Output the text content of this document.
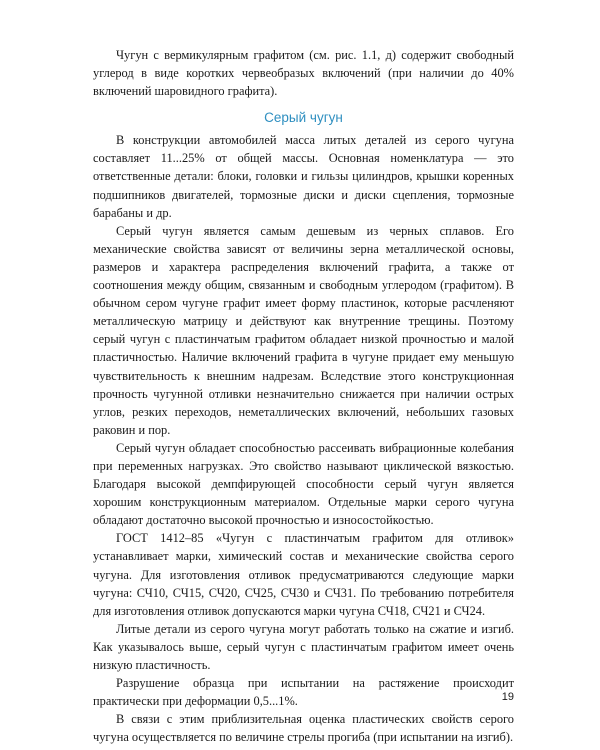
Чугун с вермикулярным графитом (см. рис. 1.1, д) содержит свободный углерод в виде коротких червеобразых включений (при наличии до 40% включений шаровидного графита).

Серый чугун

В конструкции автомобилей масса литых деталей из серого чугуна составляет 11...25% от общей массы. Основная номенклатура — это ответственные детали: блоки, головки и гильзы цилиндров, крышки коренных подшипников двигателей, тормозные диски и диски сцепления, тормозные барабаны и др.

Серый чугун является самым дешевым из черных сплавов. Его механические свойства зависят от величины зерна металлической основы, размеров и характера распределения включений графита, а также от соотношения между общим, связанным и свободным углеродом (графитом). В обычном сером чугуне графит имеет форму пластинок, которые расчленяют металлическую матрицу и действуют как внутренние трещины. Поэтому серый чугун с пластинчатым графитом обладает низкой прочностью и малой пластичностью. Наличие включений графита в чугуне придает ему меньшую чувствительность к внешним надрезам. Вследствие этого конструкционная прочность чугунной отливки незначительно снижается при наличии острых углов, резких переходов, неметаллических включений, небольших газовых раковин и пор.

Серый чугун обладает способностью рассеивать вибрационные колебания при переменных нагрузках. Это свойство называют циклической вязкостью. Благодаря высокой демпфирующей способности серый чугун является хорошим конструкционным материалом. Отдельные марки серого чугуна обладают достаточно высокой прочностью и износостойкостью.

ГОСТ 1412–85 «Чугун с пластинчатым графитом для отливок» устанавливает марки, химический состав и механические свойства серого чугуна. Для изготовления отливок предусматриваются следующие марки чугуна: СЧ10, СЧ15, СЧ20, СЧ25, СЧ30 и СЧ31. По требованию потребителя для изготовления отливок допускаются марки чугуна СЧ18, СЧ21 и СЧ24.

Литые детали из серого чугуна могут работать только на сжатие и изгиб. Как указывалось выше, серый чугун с пластинчатым графитом имеет очень низкую пластичность.

Разрушение образца при испытании на растяжение происходит практически при деформации 0,5...1%.

В связи с этим приблизительная оценка пластических свойств серого чугуна осуществляется по величине стрелы прогиба (при испытании на изгиб).

19
